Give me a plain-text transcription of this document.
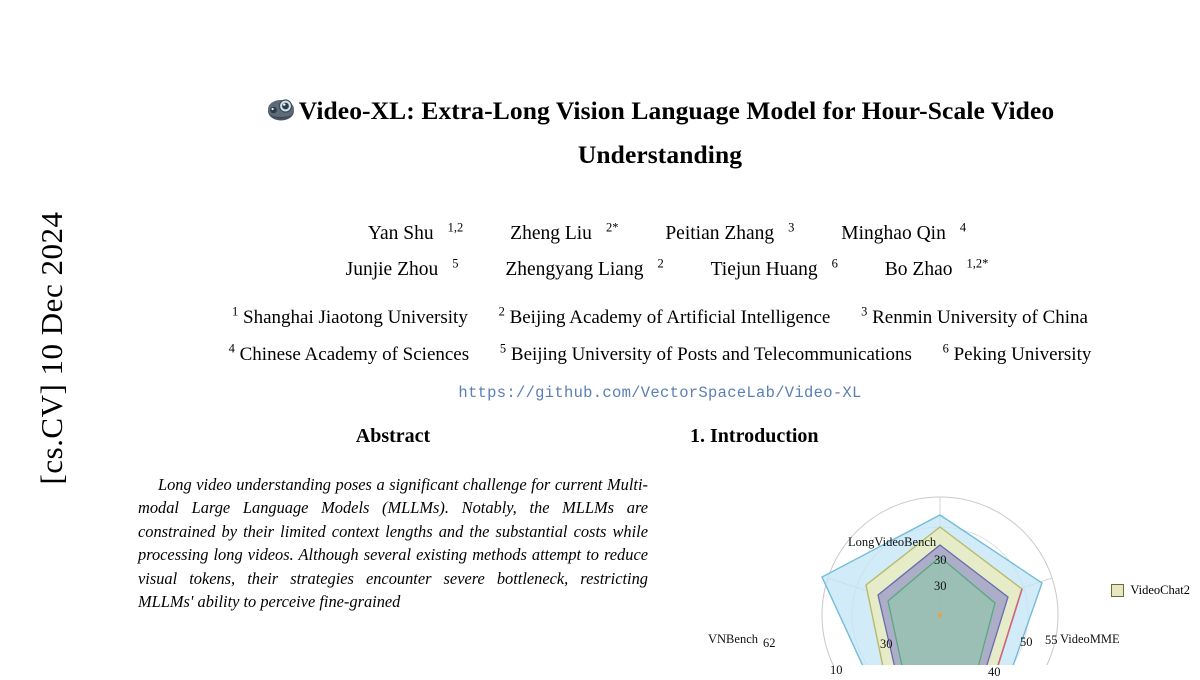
[cs.CV] 10 Dec 2024
Video-XL: Extra-Long Vision Language Model for Hour-Scale Video
Understanding
Yan Shu $^{1,2}$ Zheng Liu $^{2*}$ Peitian Zhang $^3$ Minghao Qin $^4$
Junjie Zhou $^5$ Zhengyang Liang $^2$ Tiejun Huang $^6$ Bo Zhao $^{1,2*}$
$^1$ Shanghai Jiaotong University $^2$ Beijing Academy of Artificial Intelligence $^3$ Renmin University of China
$^4$ Chinese Academy of Sciences $^5$ Beijing University of Posts and Telecommunications $^6$ Peking University
https://github.com/VectorSpaceLab/Video-XL
Abstract
Long video understanding poses a significant challenge for current Multi-modal Large Language Models (MLLMs). Notably, the MLLMs are constrained by their limited context lengths and the substantial costs while processing long videos. Although several existing methods attempt to reduce visual tokens, their strategies encounter severe bottleneck, restricting MLLMs' ability to perceive fine-grained
1. Introduction
LongVideoBench
VideoMME
VNBench
30
30
30
40
50
62
10
55
VideoChat2
